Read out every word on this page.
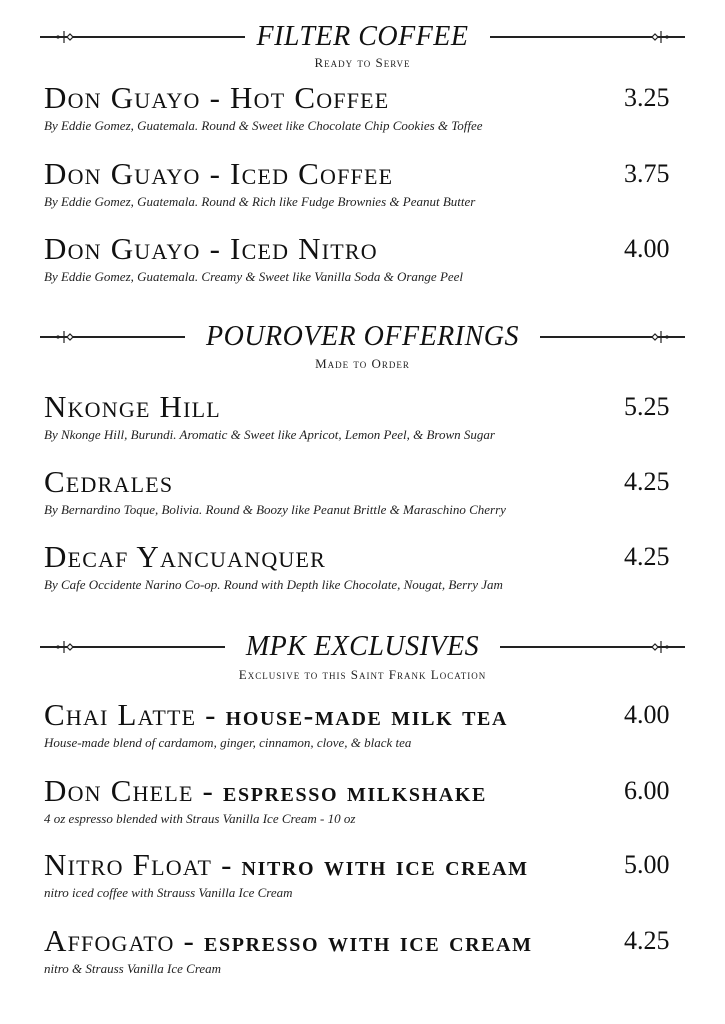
FILTER COFFEE
Ready to Serve
Don Guayo - Hot Coffee	3.25
By Eddie Gomez, Guatemala. Round & Sweet like Chocolate Chip Cookies & Toffee
Don Guayo - Iced Coffee	3.75
By Eddie Gomez, Guatemala. Round & Rich like Fudge Brownies & Peanut Butter
Don Guayo - Iced Nitro	4.00
By Eddie Gomez, Guatemala. Creamy & Sweet like Vanilla Soda & Orange Peel
POUROVER OFFERINGS
Made to Order
Nkonge Hill	5.25
By Nkonge Hill, Burundi. Aromatic & Sweet like Apricot, Lemon Peel, & Brown Sugar
Cedrales	4.25
By Bernardino Toque, Bolivia. Round & Boozy like Peanut Brittle & Maraschino Cherry
Decaf Yancuanquer	4.25
By Cafe Occidente Narino Co-op. Round with Depth like Chocolate, Nougat, Berry Jam
MPK EXCLUSIVES
Exclusive to this Saint Frank Location
Chai Latte - house-made milk tea	4.00
House-made blend of cardamom, ginger, cinnamon, clove, & black tea
Don Chele - espresso milkshake	6.00
4 oz espresso blended with Straus Vanilla Ice Cream - 10 oz
Nitro Float - nitro with ice cream	5.00
nitro iced coffee with Strauss Vanilla Ice Cream
Affogato - espresso with ice cream	4.25
nitro & Strauss Vanilla Ice Cream
